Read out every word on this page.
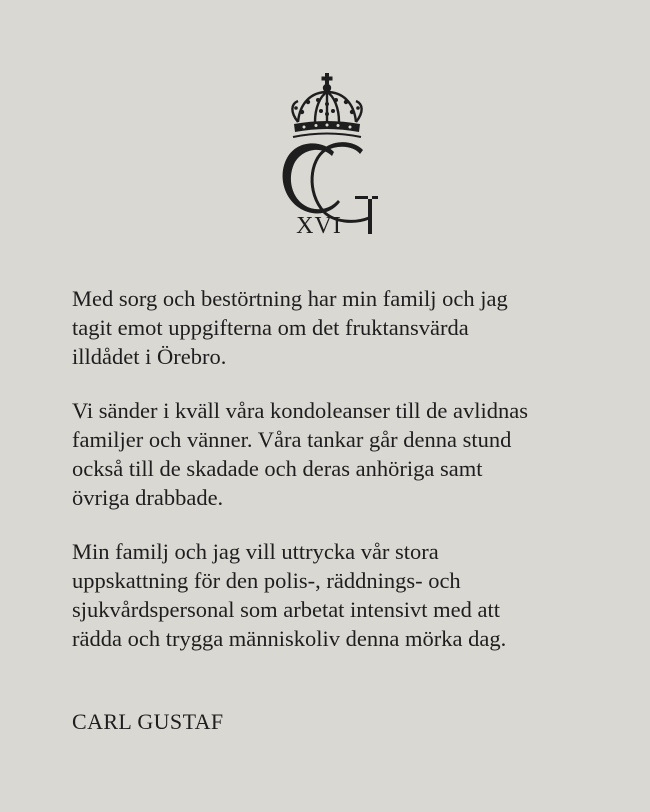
XVI

Med sorg och bestörtning har min familj och jag
tagit emot uppgifterna om det fruktansvärda
illdådet i Örebro.

Vi sänder i kväll våra kondoleanser till de avlidnas
familjer och vänner. Våra tankar går denna stund
också till de skadade och deras anhöriga samt
övriga drabbade.

Min familj och jag vill uttrycka vår stora
uppskattning för den polis-, räddnings- och
sjukvårdspersonal som arbetat intensivt med att
rädda och trygga människoliv denna mörka dag.

CARL GUSTAF
